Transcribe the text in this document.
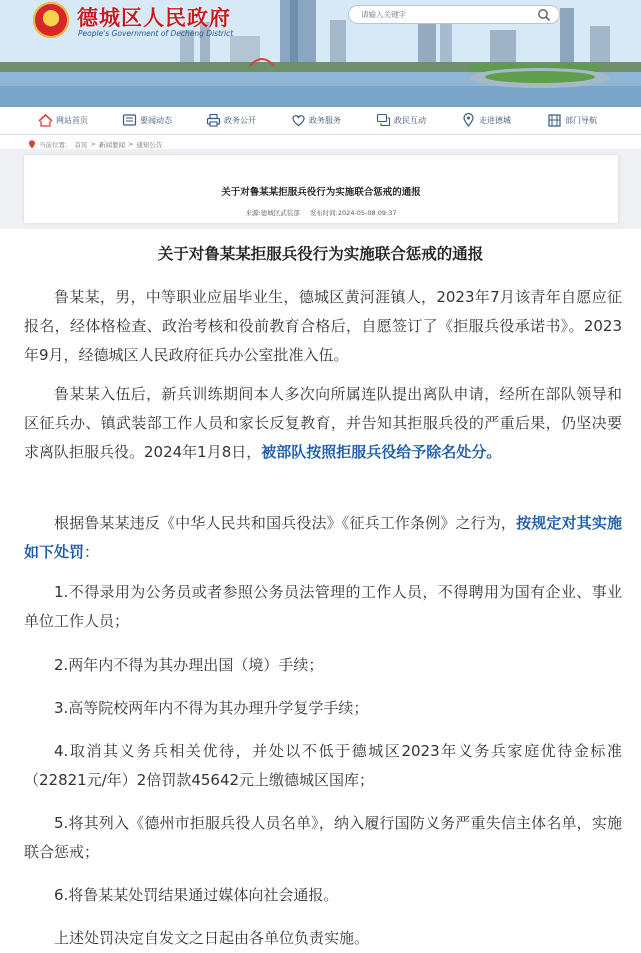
德城区人民政府
People's Government of Decheng District
请输入关键字
网站首页	要闻动态	政务公开	政务服务	政民互动	走进德城	部门导航
当前位置： 首页 > 新闻要闻 > 通知公告
关于对鲁某某拒服兵役行为实施联合惩戒的通报
来源:德城区武装部 发布时间:2024-05-08 09:37
关于对鲁某某拒服兵役行为实施联合惩戒的通报

鲁某某，男，中等职业应届毕业生，德城区黄河涯镇人，2023年7月该青年自愿应征报名，经体格检查、政治考核和役前教育合格后，自愿签订了《拒服兵役承诺书》。2023年9月，经德城区人民政府征兵办公室批准入伍。

鲁某某入伍后，新兵训练期间本人多次向所属连队提出离队申请，经所在部队领导和区征兵办、镇武装部工作人员和家长反复教育，并告知其拒服兵役的严重后果，仍坚决要求离队拒服兵役。2024年1月8日，被部队按照拒服兵役给予除名处分。

根据鲁某某违反《中华人民共和国兵役法》《征兵工作条例》之行为，按规定对其实施如下处罚：

1.不得录用为公务员或者参照公务员法管理的工作人员，不得聘用为国有企业、事业单位工作人员；

2.两年内不得为其办理出国（境）手续；

3.高等院校两年内不得为其办理升学复学手续；

4.取消其义务兵相关优待，并处以不低于德城区2023年义务兵家庭优待金标准（22821元/年）2倍罚款45642元上缴德城区国库；

5.将其列入《德州市拒服兵役人员名单》，纳入履行国防义务严重失信主体名单，实施联合惩戒；

6.将鲁某某处罚结果通过媒体向社会通报。

上述处罚决定自发文之日起由各单位负责实施。
